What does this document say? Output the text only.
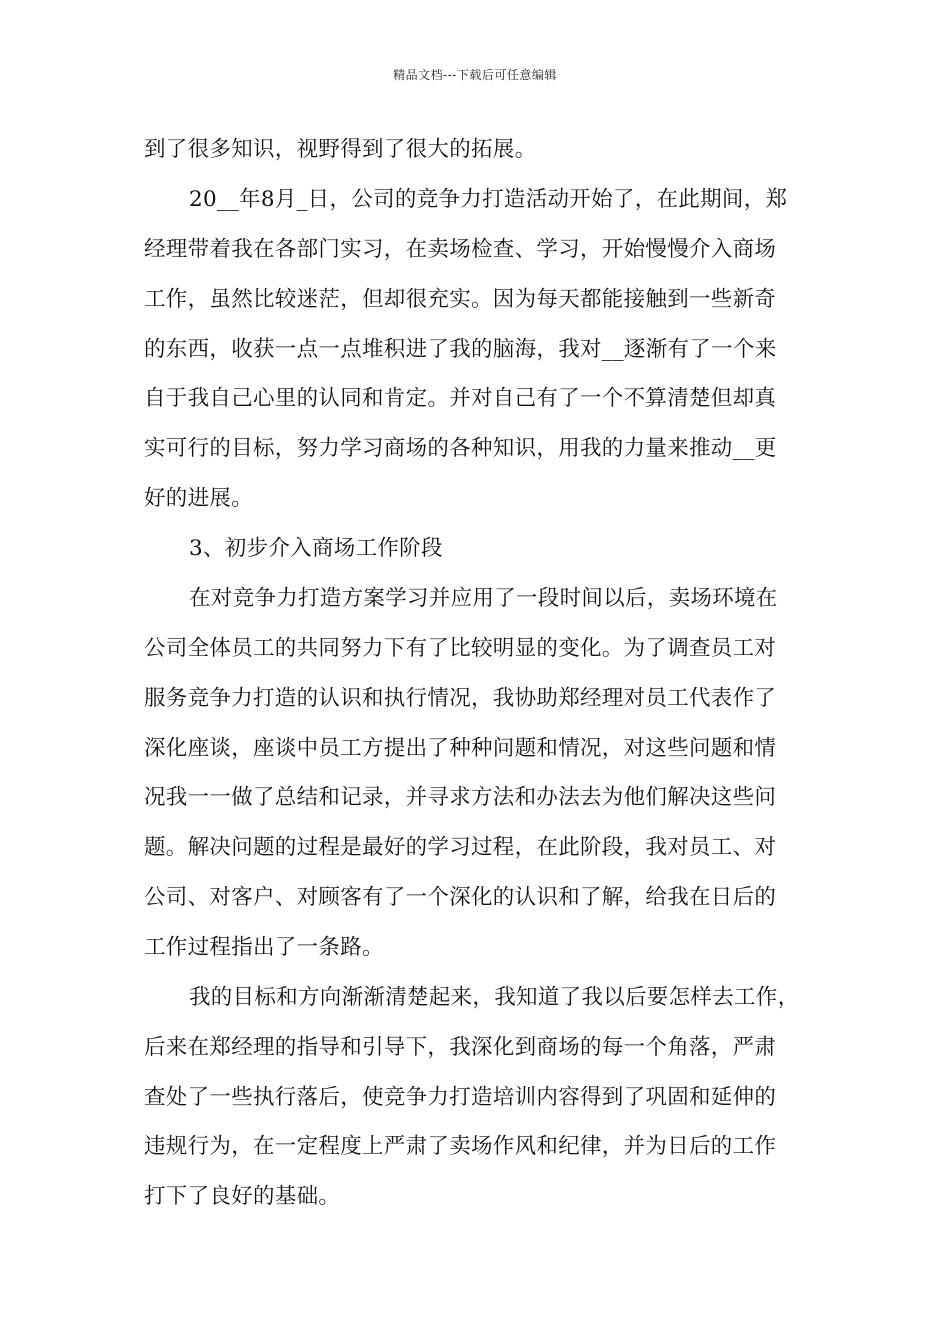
精品文档---下载后可任意编辑
到了很多知识，视野得到了很大的拓展。
20__年8月_日，公司的竞争力打造活动开始了，在此期间，郑
经理带着我在各部门实习，在卖场检查、学习，开始慢慢介入商场
工作，虽然比较迷茫，但却很充实。因为每天都能接触到一些新奇
的东西，收获一点一点堆积进了我的脑海，我对__逐渐有了一个来
自于我自己心里的认同和肯定。并对自己有了一个不算清楚但却真
实可行的目标，努力学习商场的各种知识，用我的力量来推动__更
好的进展。
3、初步介入商场工作阶段
在对竞争力打造方案学习并应用了一段时间以后，卖场环境在
公司全体员工的共同努力下有了比较明显的变化。为了调查员工对
服务竞争力打造的认识和执行情况，我协助郑经理对员工代表作了
深化座谈，座谈中员工方提出了种种问题和情况，对这些问题和情
况我一一做了总结和记录，并寻求方法和办法去为他们解决这些问
题。解决问题的过程是最好的学习过程，在此阶段，我对员工、对
公司、对客户、对顾客有了一个深化的认识和了解，给我在日后的
工作过程指出了一条路。
我的目标和方向渐渐清楚起来，我知道了我以后要怎样去工作，
后来在郑经理的指导和引导下，我深化到商场的每一个角落，严肃
查处了一些执行落后，使竞争力打造培训内容得到了巩固和延伸的
违规行为，在一定程度上严肃了卖场作风和纪律，并为日后的工作
打下了良好的基础。
